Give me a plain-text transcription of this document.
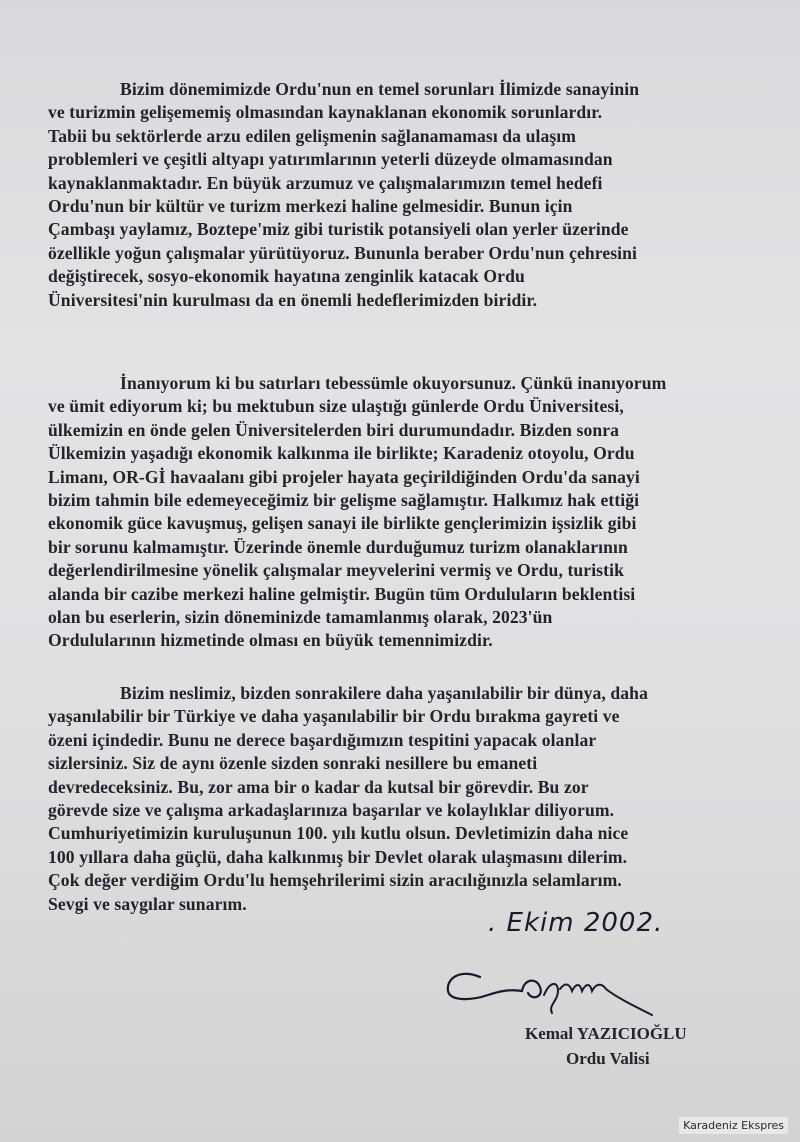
Bizim dönemimizde Ordu'nun en temel sorunları İlimizde sanayinin
ve turizmin gelişememiş olmasından kaynaklanan ekonomik sorunlardır.
Tabii bu sektörlerde arzu edilen gelişmenin sağlanamaması da ulaşım
problemleri ve çeşitli altyapı yatırımlarının yeterli düzeyde olmamasından
kaynaklanmaktadır. En büyük arzumuz ve çalışmalarımızın temel hedefi
Ordu'nun bir kültür ve turizm merkezi haline gelmesidir. Bunun için
Çambaşı yaylamız, Boztepe'miz gibi turistik potansiyeli olan yerler üzerinde
özellikle yoğun çalışmalar yürütüyoruz. Bununla beraber Ordu'nun çehresini
değiştirecek, sosyo-ekonomik hayatına zenginlik katacak Ordu
Üniversitesi'nin kurulması da en önemli hedeflerimizden biridir.
İnanıyorum ki bu satırları tebessümle okuyorsunuz. Çünkü inanıyorum
ve ümit ediyorum ki; bu mektubun size ulaştığı günlerde Ordu Üniversitesi,
ülkemizin en önde gelen Üniversitelerden biri durumundadır. Bizden sonra
Ülkemizin yaşadığı ekonomik kalkınma ile birlikte; Karadeniz otoyolu, Ordu
Limanı, OR-Gİ havaalanı gibi projeler hayata geçirildiğinden Ordu'da sanayi
bizim tahmin bile edemeyeceğimiz bir gelişme sağlamıştır. Halkımız hak ettiği
ekonomik güce kavuşmuş, gelişen sanayi ile birlikte gençlerimizin işsizlik gibi
bir sorunu kalmamıştır. Üzerinde önemle durduğumuz turizm olanaklarının
değerlendirilmesine yönelik çalışmalar meyvelerini vermiş ve Ordu, turistik
alanda bir cazibe merkezi haline gelmiştir. Bugün tüm Orduluların beklentisi
olan bu eserlerin, sizin döneminizde tamamlanmış olarak, 2023'ün
Ordulularının hizmetinde olması en büyük temennimizdir.
Bizim neslimiz, bizden sonrakilere daha yaşanılabilir bir dünya, daha
yaşanılabilir bir Türkiye ve daha yaşanılabilir bir Ordu bırakma gayreti ve
özeni içindedir. Bunu ne derece başardığımızın tespitini yapacak olanlar
sizlersiniz. Siz de aynı özenle sizden sonraki nesillere bu emaneti
devredeceksiniz. Bu, zor ama bir o kadar da kutsal bir görevdir. Bu zor
görevde size ve çalışma arkadaşlarınıza başarılar ve kolaylıklar diliyorum.
Cumhuriyetimizin kuruluşunun 100. yılı kutlu olsun. Devletimizin daha nice
100 yıllara daha güçlü, daha kalkınmış bir Devlet olarak ulaşmasını dilerim.
Çok değer verdiğim Ordu'lu hemşehrilerimi sizin aracılığınızla selamlarım.
Sevgi ve saygılar sunarım.
. Ekim 2002.
Kemal YAZICIOĞLU
Ordu Valisi
Karadeniz Ekspres
